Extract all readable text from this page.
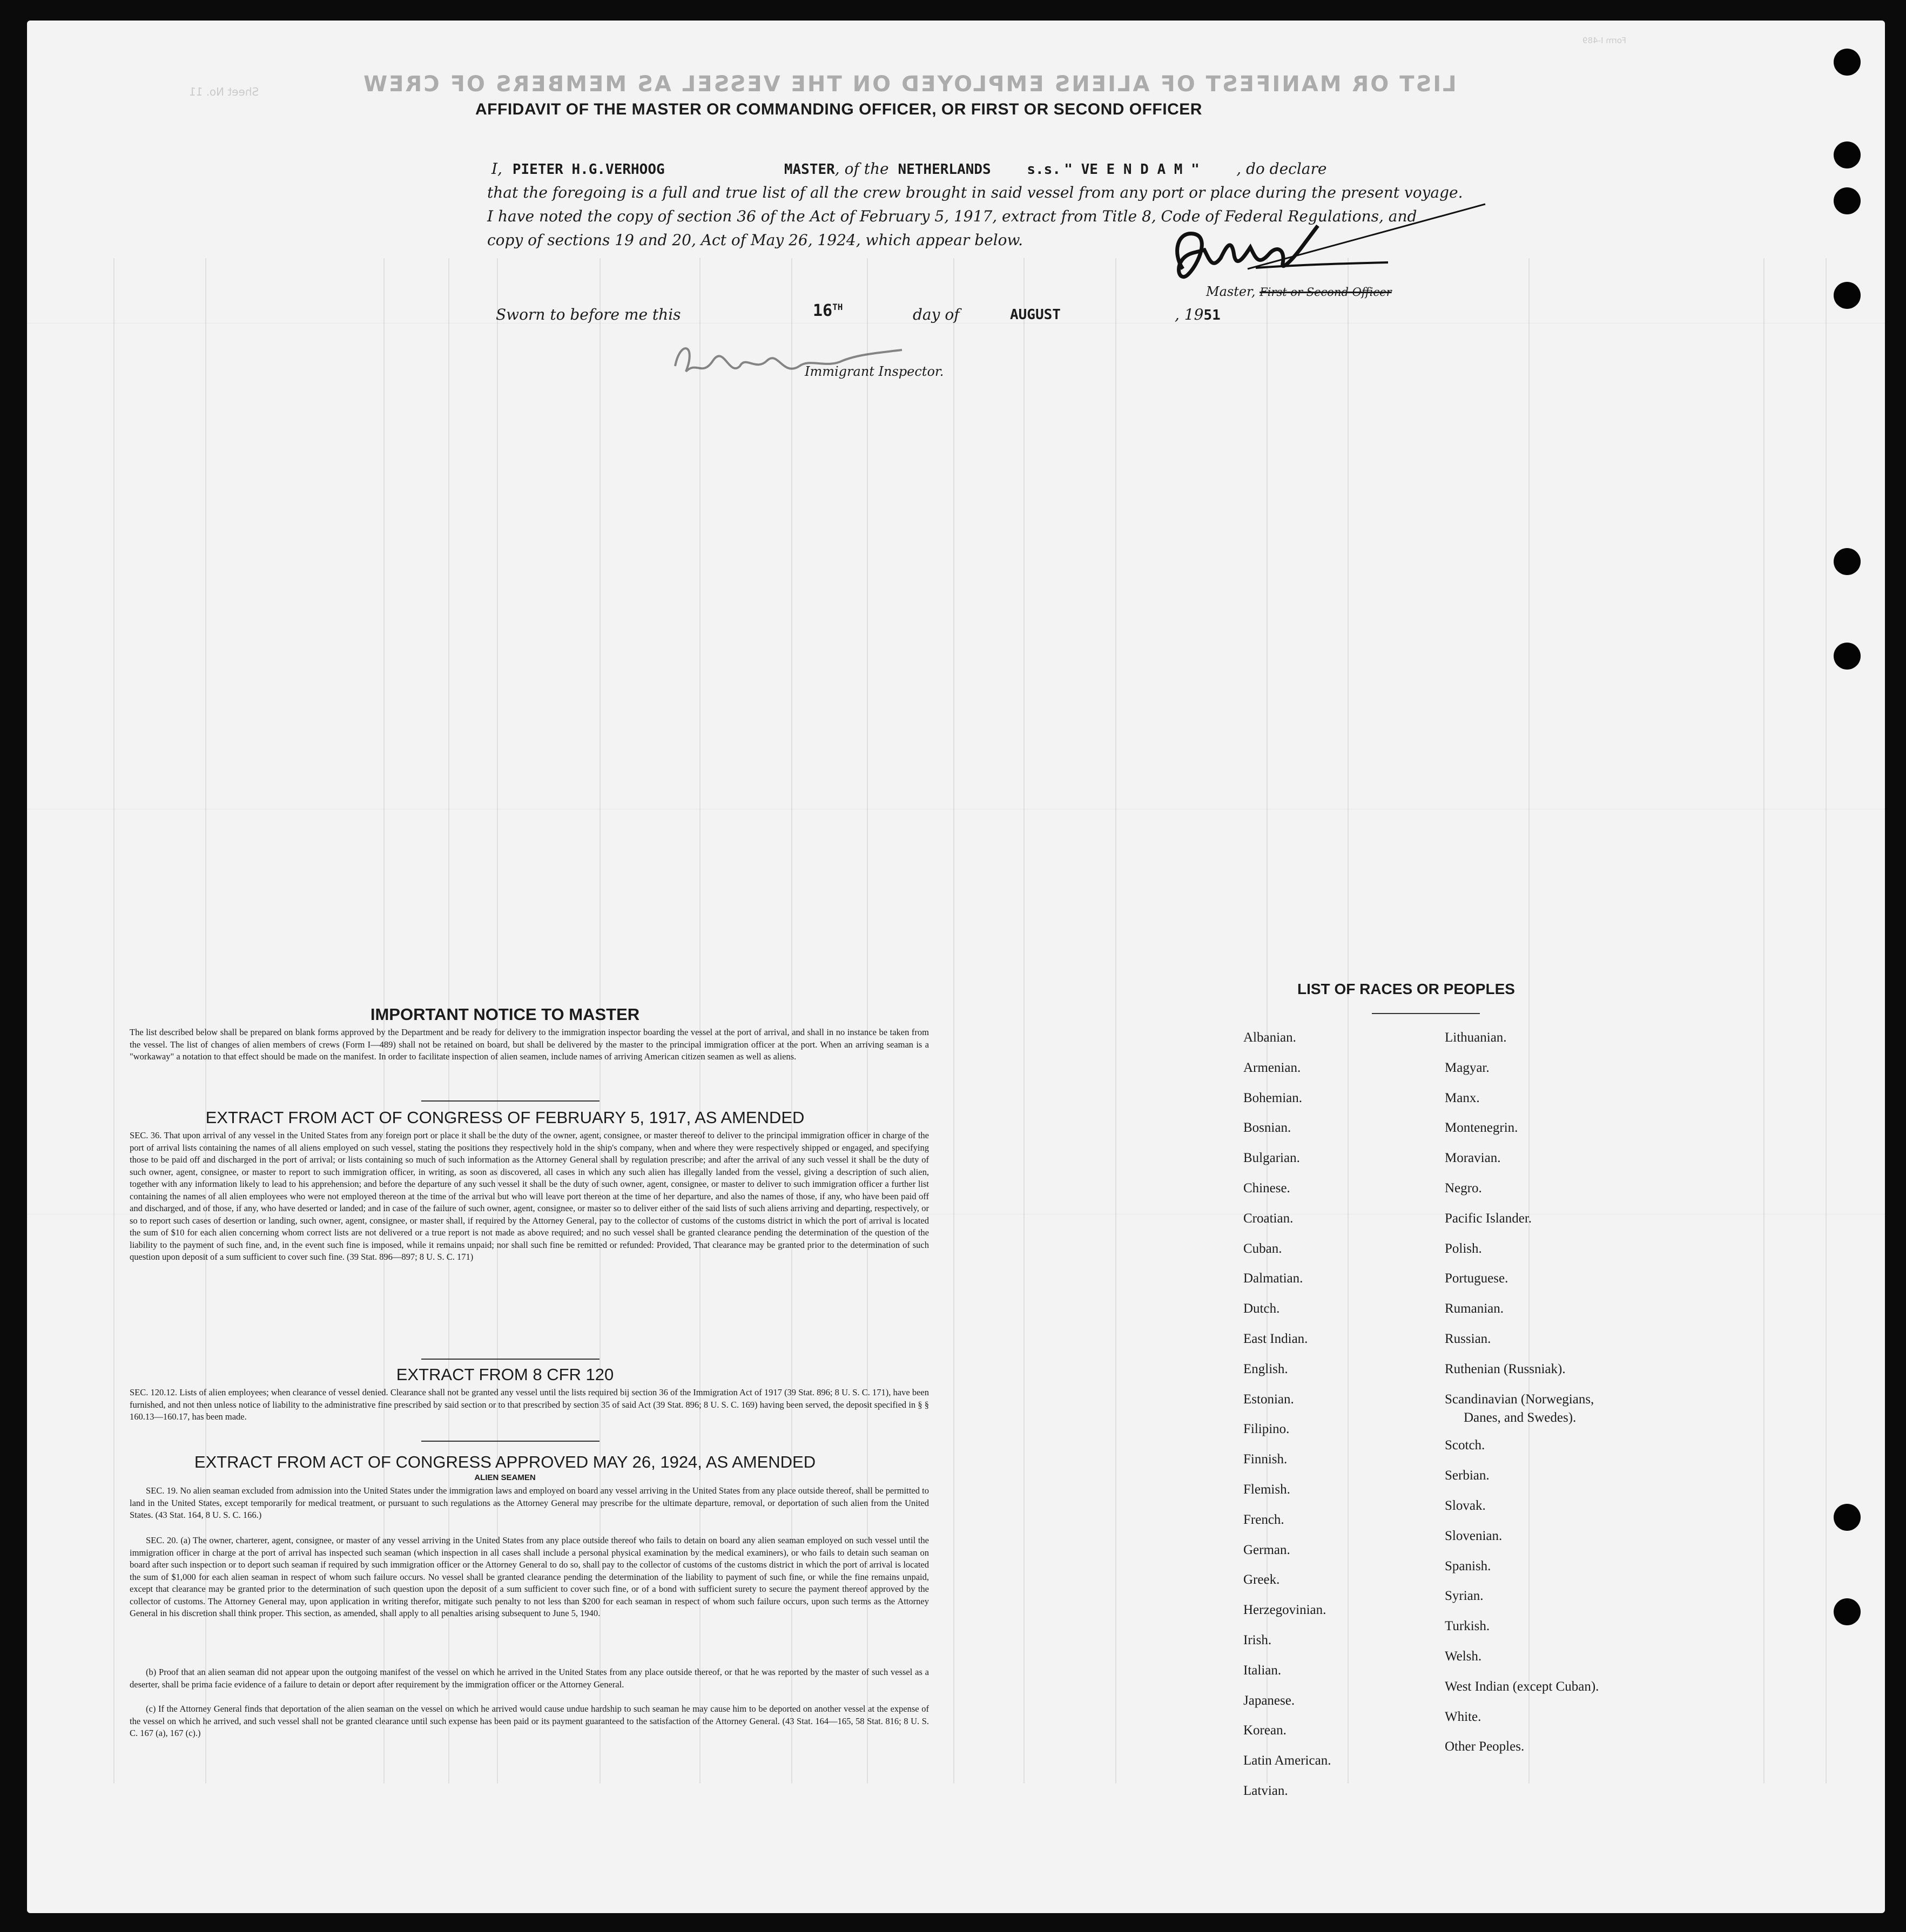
LIST OR MANIFEST OF ALIENS EMPLOYED ON THE VESSEL AS MEMBERS OF CREW
Form I-489
Sheet No. 11
AFFIDAVIT OF THE MASTER OR COMMANDING OFFICER, OR FIRST OR SECOND OFFICER
I, PIETER H.G.VERHOOG	MASTER, of the NETHERLANDS	s.s. " VE E N D A M " , do declare
that the foregoing is a full and true list of all the crew brought in said vessel from any port or place during the present voyage.
I have noted the copy of section 36 of the Act of February 5, 1917, extract from Title 8, Code of Federal Regulations, and
copy of sections 19 and 20, Act of May 26, 1924, which appear below.
Master, First or Second Officer
Sworn to before me this	16TH	day of	AUGUST	, 1951
Immigrant Inspector.
IMPORTANT NOTICE TO MASTER
The list described below shall be prepared on blank forms approved by the Department and be ready for delivery to the immigration inspector boarding the vessel at the port of arrival, and shall in no instance be taken from the vessel. The list of changes of alien members of crews (Form I—489) shall not be retained on board, but shall be delivered by the master to the principal immigration officer at the port. When an arriving seaman is a "workaway" a notation to that effect should be made on the manifest. In order to facilitate inspection of alien seamen, include names of arriving American citizen seamen as well as aliens.
EXTRACT FROM ACT OF CONGRESS OF FEBRUARY 5, 1917, AS AMENDED
SEC. 36. That upon arrival of any vessel in the United States from any foreign port or place it shall be the duty of the owner, agent, consignee, or master thereof to deliver to the principal immigration officer in charge of the port of arrival lists containing the names of all aliens employed on such vessel, stating the positions they respectively hold in the ship's company, when and where they were respectively shipped or engaged, and specifying those to be paid off and discharged in the port of arrival; or lists containing so much of such information as the Attorney General shall by regulation prescribe; and after the arrival of any such vessel it shall be the duty of such owner, agent, consignee, or master to report to such immigration officer, in writing, as soon as discovered, all cases in which any such alien has illegally landed from the vessel, giving a description of such alien, together with any information likely to lead to his apprehension; and before the departure of any such vessel it shall be the duty of such owner, agent, consignee, or master to deliver to such immigration officer a further list containing the names of all alien employees who were not employed thereon at the time of the arrival but who will leave port thereon at the time of her departure, and also the names of those, if any, who have been paid off and discharged, and of those, if any, who have deserted or landed; and in case of the failure of such owner, agent, consignee, or master so to deliver either of the said lists of such aliens arriving and departing, respectively, or so to report such cases of desertion or landing, such owner, agent, consignee, or master shall, if required by the Attorney General, pay to the collector of customs of the customs district in which the port of arrival is located the sum of $10 for each alien concerning whom correct lists are not delivered or a true report is not made as above required; and no such vessel shall be granted clearance pending the determination of the question of the liability to the payment of such fine, and, in the event such fine is imposed, while it remains unpaid; nor shall such fine be remitted or refunded: Provided, That clearance may be granted prior to the determination of such question upon deposit of a sum sufficient to cover such fine. (39 Stat. 896—897; 8 U. S. C. 171)
EXTRACT FROM 8 CFR 120
SEC. 120.12. Lists of alien employees; when clearance of vessel denied. Clearance shall not be granted any vessel until the lists required bij section 36 of the Immigration Act of 1917 (39 Stat. 896; 8 U. S. C. 171), have been furnished, and not then unless notice of liability to the administrative fine prescribed by said section or to that prescribed by section 35 of said Act (39 Stat. 896; 8 U. S. C. 169) having been served, the deposit specified in § § 160.13—160.17, has been made.
EXTRACT FROM ACT OF CONGRESS APPROVED MAY 26, 1924, AS AMENDED
ALIEN SEAMEN
SEC. 19. No alien seaman excluded from admission into the United States under the immigration laws and employed on board any vessel arriving in the United States from any place outside thereof, shall be permitted to land in the United States, except temporarily for medical treatment, or pursuant to such regulations as the Attorney General may prescribe for the ultimate departure, removal, or deportation of such alien from the United States. (43 Stat. 164, 8 U. S. C. 166.)
SEC. 20. (a) The owner, charterer, agent, consignee, or master of any vessel arriving in the United States from any place outside thereof who fails to detain on board any alien seaman employed on such vessel until the immigration officer in charge at the port of arrival has inspected such seaman (which inspection in all cases shall include a personal physical examination by the medical examiners), or who fails to detain such seaman on board after such inspection or to deport such seaman if required by such immigration officer or the Attorney General to do so, shall pay to the collector of customs of the customs district in which the port of arrival is located the sum of $1,000 for each alien seaman in respect of whom such failure occurs. No vessel shall be granted clearance pending the determination of the liability to payment of such fine, or while the fine remains unpaid, except that clearance may be granted prior to the determination of such question upon the deposit of a sum sufficient to cover such fine, or of a bond with sufficient surety to secure the payment thereof approved by the collector of customs. The Attorney General may, upon application in writing therefor, mitigate such penalty to not less than $200 for each seaman in respect of whom such failure occurs, upon such terms as the Attorney General in his discretion shall think proper. This section, as amended, shall apply to all penalties arising subsequent to June 5, 1940.
(b) Proof that an alien seaman did not appear upon the outgoing manifest of the vessel on which he arrived in the United States from any place outside thereof, or that he was reported by the master of such vessel as a deserter, shall be prima facie evidence of a failure to detain or deport after requirement by the immigration officer or the Attorney General.
(c) If the Attorney General finds that deportation of the alien seaman on the vessel on which he arrived would cause undue hardship to such seaman he may cause him to be deported on another vessel at the expense of the vessel on which he arrived, and such vessel shall not be granted clearance until such expense has been paid or its payment guaranteed to the satisfaction of the Attorney General. (43 Stat. 164—165, 58 Stat. 816; 8 U. S. C. 167 (a), 167 (c).)
LIST OF RACES OR PEOPLES
Albanian.
Armenian.
Bohemian.
Bosnian.
Bulgarian.
Chinese.
Croatian.
Cuban.
Dalmatian.
Dutch.
East Indian.
English.
Estonian.
Filipino.
Finnish.
Flemish.
French.
German.
Greek.
Herzegovinian.
Irish.
Italian.
Japanese.
Korean.
Latin American.
Latvian.
Lithuanian.
Magyar.
Manx.
Montenegrin.
Moravian.
Negro.
Pacific Islander.
Polish.
Portuguese.
Rumanian.
Russian.
Ruthenian (Russniak).
Scandinavian (Norwegians,
Danes, and Swedes).
Scotch.
Serbian.
Slovak.
Slovenian.
Spanish.
Syrian.
Turkish.
Welsh.
West Indian (except Cuban).
White.
Other Peoples.
